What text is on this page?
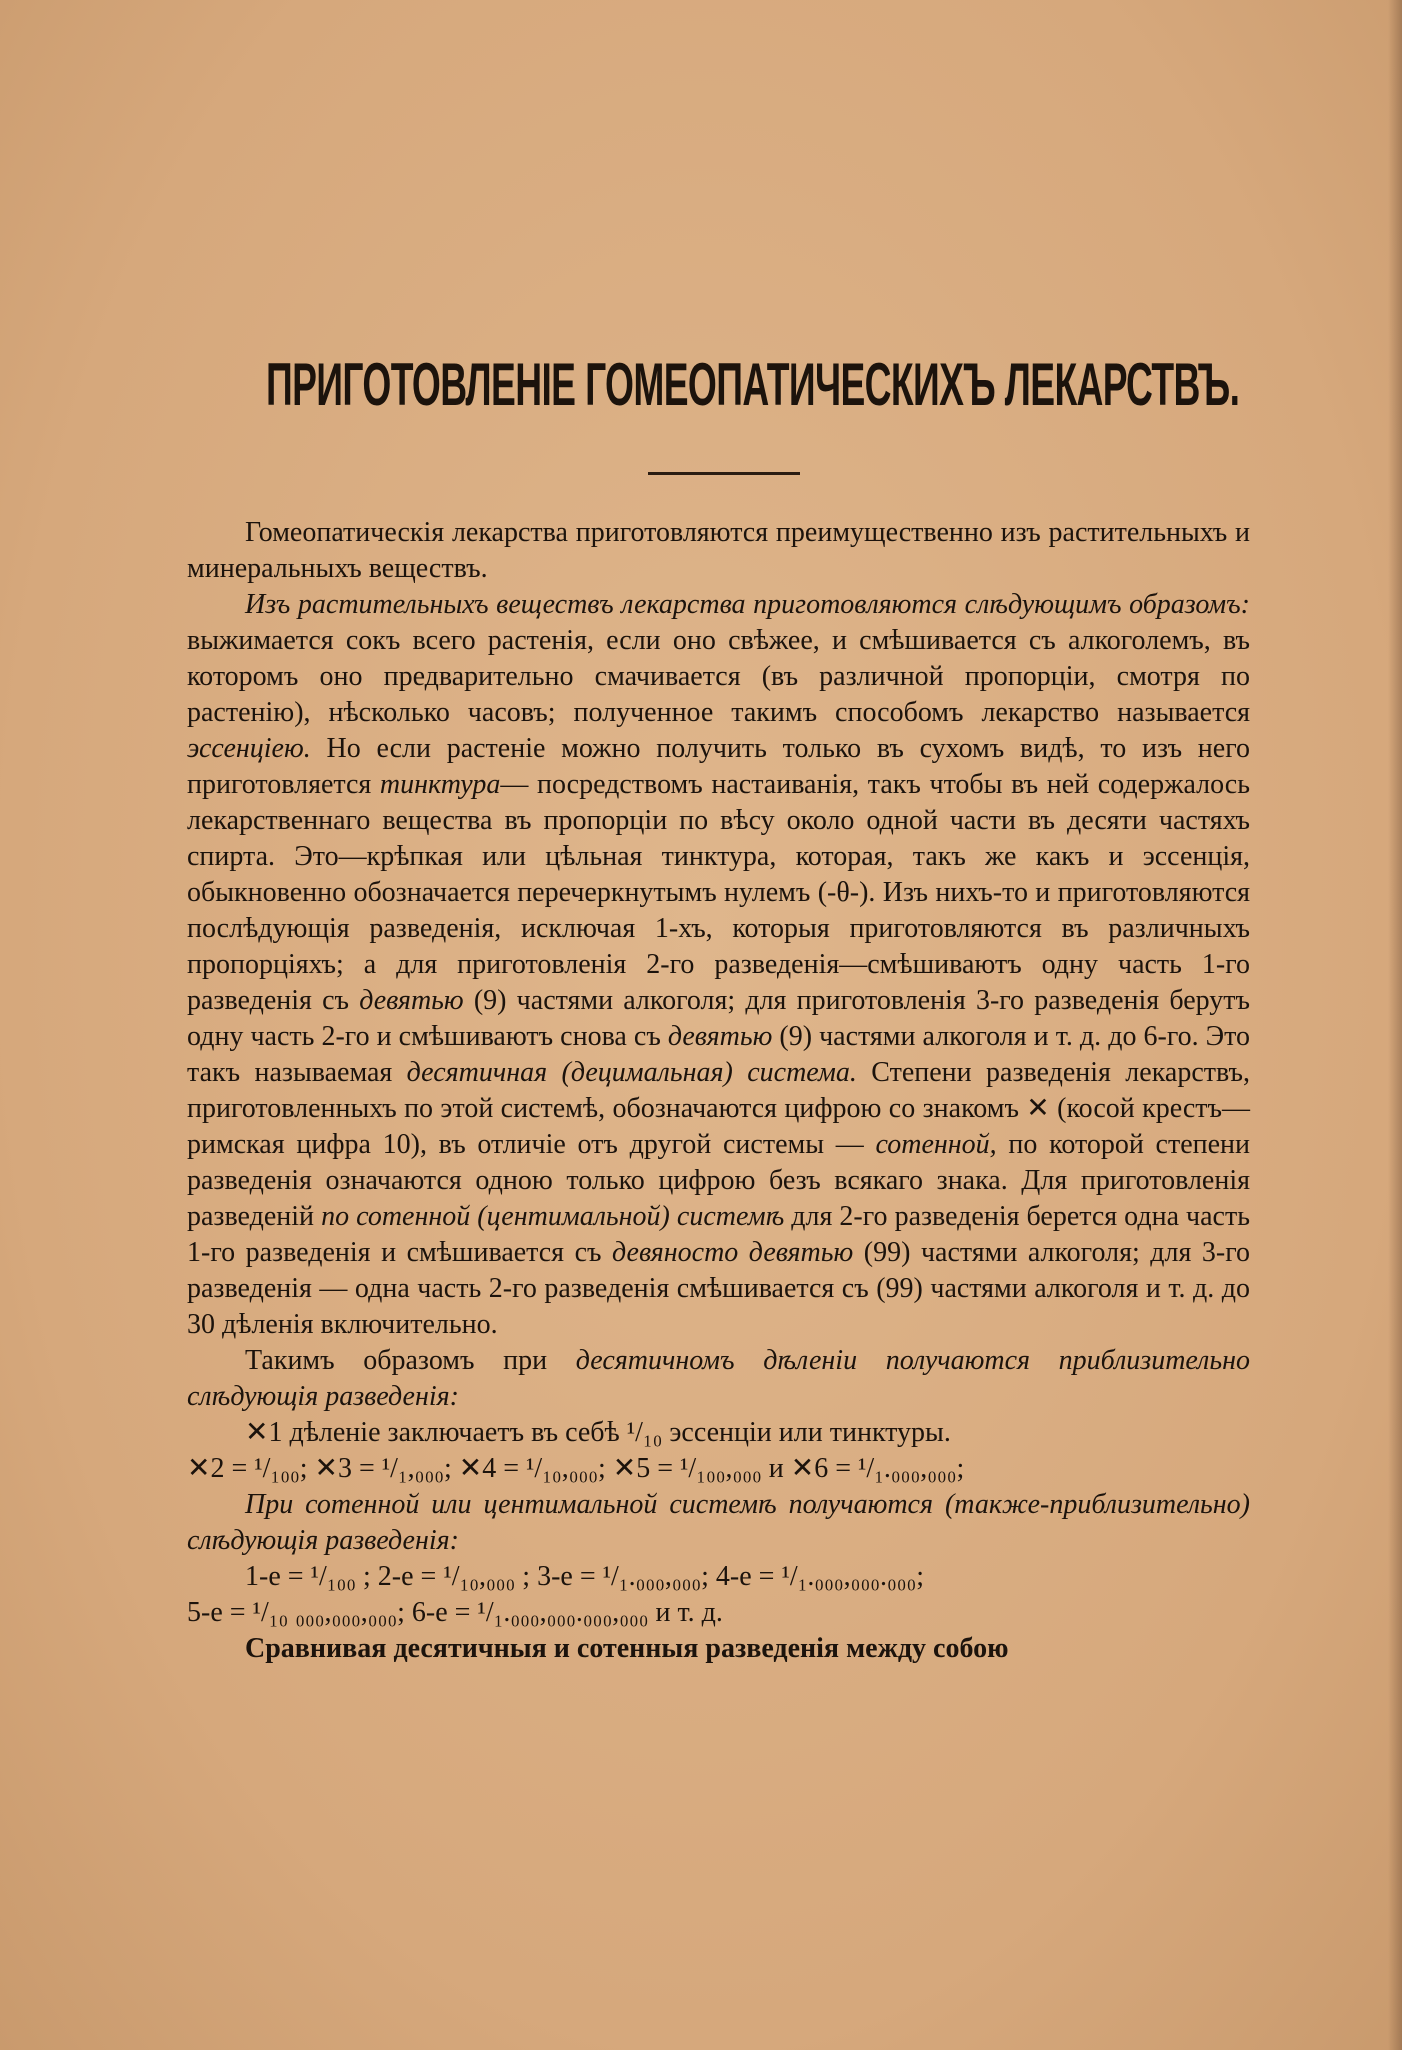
ПРИГОТОВЛЕНІЕ ГОМЕОПАТИЧЕСКИХЪ ЛЕКАРСТВЪ.

Гомеопатическія лекарства приготовляются преимущественно изъ растительныхъ и минеральныхъ веществъ.

Изъ растительныхъ веществъ лекарства приготовляются слѣдующимъ образомъ: выжимается сокъ всего растенія, если оно свѣжее, и смѣшивается съ алкоголемъ, въ которомъ оно предварительно смачивается (въ различной пропорціи, смотря по растенію), нѣсколько часовъ; полученное такимъ способомъ лекарство называется эссенціею. Но если растеніе можно получить только въ сухомъ видѣ, то изъ него приготовляется тинктура— посредствомъ настаиванія, такъ чтобы въ ней содержалось лекарственнаго вещества въ пропорціи по вѣсу около одной части въ десяти частяхъ спирта. Это—крѣпкая или цѣльная тинктура, которая, такъ же какъ и эссенція, обыкновенно обозначается перечеркнутымъ нулемъ (-θ-). Изъ нихъ-то и приготовляются послѣдующія разведенія, исключая 1-хъ, которыя приготовляются въ различныхъ пропорціяхъ; а для приготовленія 2-го разведенія—смѣшиваютъ одну часть 1-го разведенія съ девятью (9) частями алкоголя; для приготовленія 3-го разведенія берутъ одну часть 2-го и смѣшиваютъ снова съ девятью (9) частями алкоголя и т. д. до 6-го. Это такъ называемая десятичная (децимальная) система. Степени разведенія лекарствъ, приготовленныхъ по этой системѣ, обозначаются цифрою со знакомъ ✕ (косой крестъ—римская цифра 10), въ отличіе отъ другой системы — сотенной, по которой степени разведенія означаются одною только цифрою безъ всякаго знака. Для приготовленія разведеній по сотенной (центимальной) системѣ для 2-го разведенія берется одна часть 1-го разведенія и смѣшивается съ девяносто девятью (99) частями алкоголя; для 3-го разведенія — одна часть 2-го разведенія смѣшивается съ (99) частями алкоголя и т. д. до 30 дѣленія включительно.

Такимъ образомъ при десятичномъ дѣленіи получаются приблизительно слѣдующія разведенія:

✕1 дѣленіе заключаетъ въ себѣ ¹/₁₀ эссенціи или тинктуры.
✕2 = ¹/₁₀₀; ✕3 = ¹/₁,₀₀₀; ✕4 = ¹/₁₀,₀₀₀; ✕5 = ¹/₁₀₀,₀₀₀ и ✕6 = ¹/₁.₀₀₀,₀₀₀;

При сотенной или центимальной системѣ получаются (также-приблизительно) слѣдующія разведенія:

1-е = ¹/₁₀₀ ; 2-е = ¹/₁₀,₀₀₀ ; 3-е = ¹/₁.₀₀₀,₀₀₀; 4-е = ¹/₁.₀₀₀,₀₀₀.₀₀₀;
5-е = ¹/₁₀ ₀₀₀,₀₀₀,₀₀₀; 6-е = ¹/₁.₀₀₀,₀₀₀.₀₀₀,₀₀₀ и т. д.

Сравнивая десятичныя и сотенныя разведенія между собою
